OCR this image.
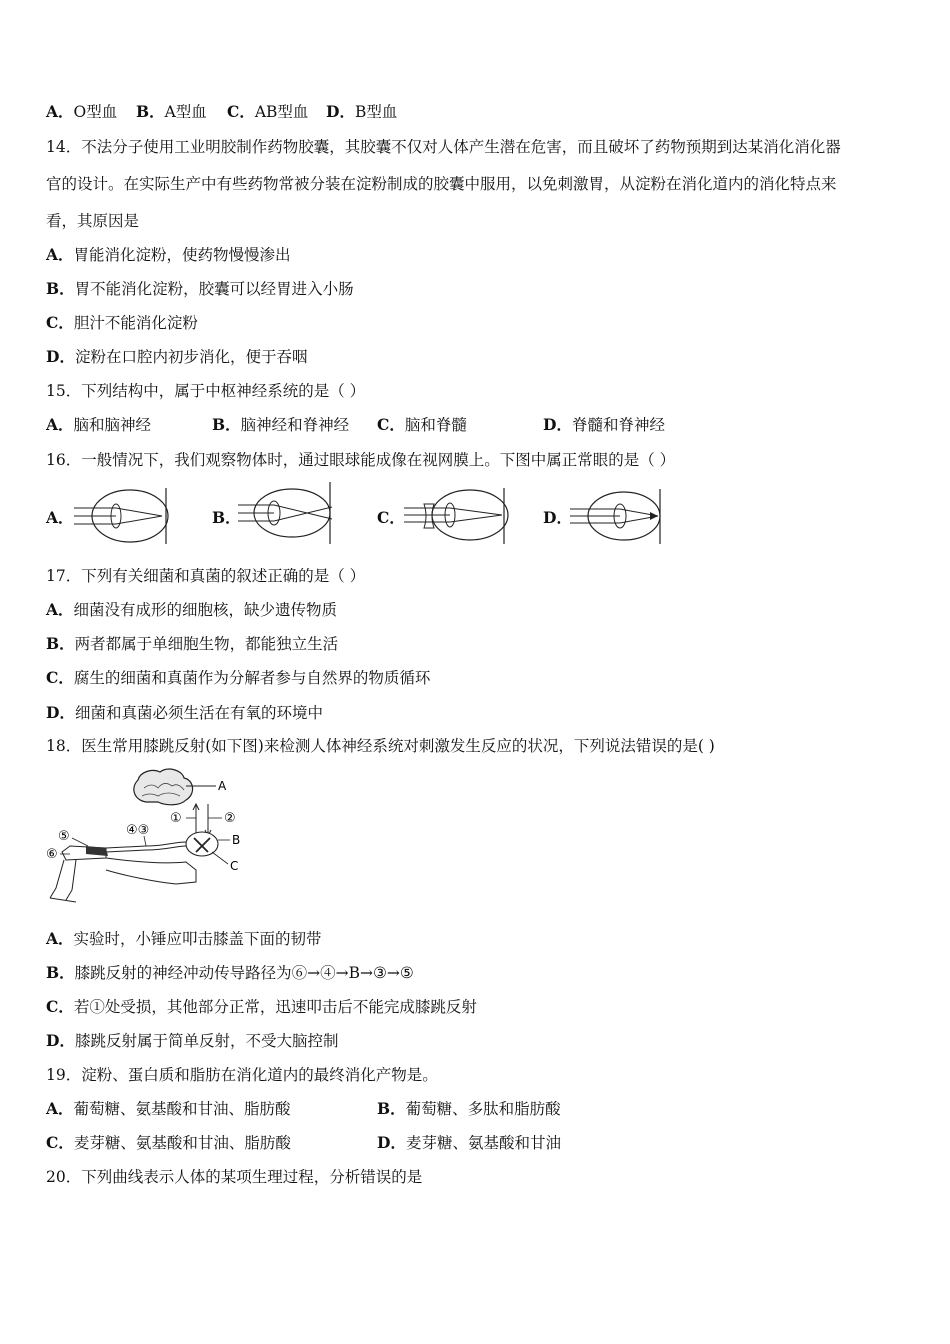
A．O型血 B．A型血 C．AB型血 D．B型血
14．不法分子使用工业明胶制作药物胶囊，其胶囊不仅对人体产生潜在危害，而且破坏了药物预期到达某消化消化器
官的设计。在实际生产中有些药物常被分装在淀粉制成的胶囊中服用，以免刺激胃，从淀粉在消化道内的消化特点来
看，其原因是
A．胃能消化淀粉，使药物慢慢渗出
B．胃不能消化淀粉，胶囊可以经胃进入小肠
C．胆汁不能消化淀粉
D．淀粉在口腔内初步消化，便于吞咽
15．下列结构中，属于中枢神经系统的是（ ）
A．脑和脑神经	B．脑神经和脊神经 C．脑和脊髓	D．脊髓和脊神经
16．一般情况下，我们观察物体时，通过眼球能成像在视网膜上。下图中属正常眼的是（ ）
A．	B．	C．	D．
17．下列有关细菌和真菌的叙述正确的是（ ）
A．细菌没有成形的细胞核，缺少遗传物质
B．两者都属于单细胞生物，都能独立生活
C．腐生的细菌和真菌作为分解者参与自然界的物质循环
D．细菌和真菌必须生活在有氧的环境中
18．医生常用膝跳反射(如下图)来检测人体神经系统对刺激发生反应的状况，下列说法错误的是( )
A
①	②
B
C
④③
⑤
⑥
A．实验时，小锤应叩击膝盖下面的韧带
B．膝跳反射的神经冲动传导路径为⑥→④→B→③→⑤
C．若①处受损，其他部分正常，迅速叩击后不能完成膝跳反射
D．膝跳反射属于简单反射，不受大脑控制
19．淀粉、蛋白质和脂肪在消化道内的最终消化产物是。
A．葡萄糖、氨基酸和甘油、脂肪酸	B．葡萄糖、多肽和脂肪酸
C．麦芽糖、氨基酸和甘油、脂肪酸	D．麦芽糖、氨基酸和甘油
20．下列曲线表示人体的某项生理过程，分析错误的是
